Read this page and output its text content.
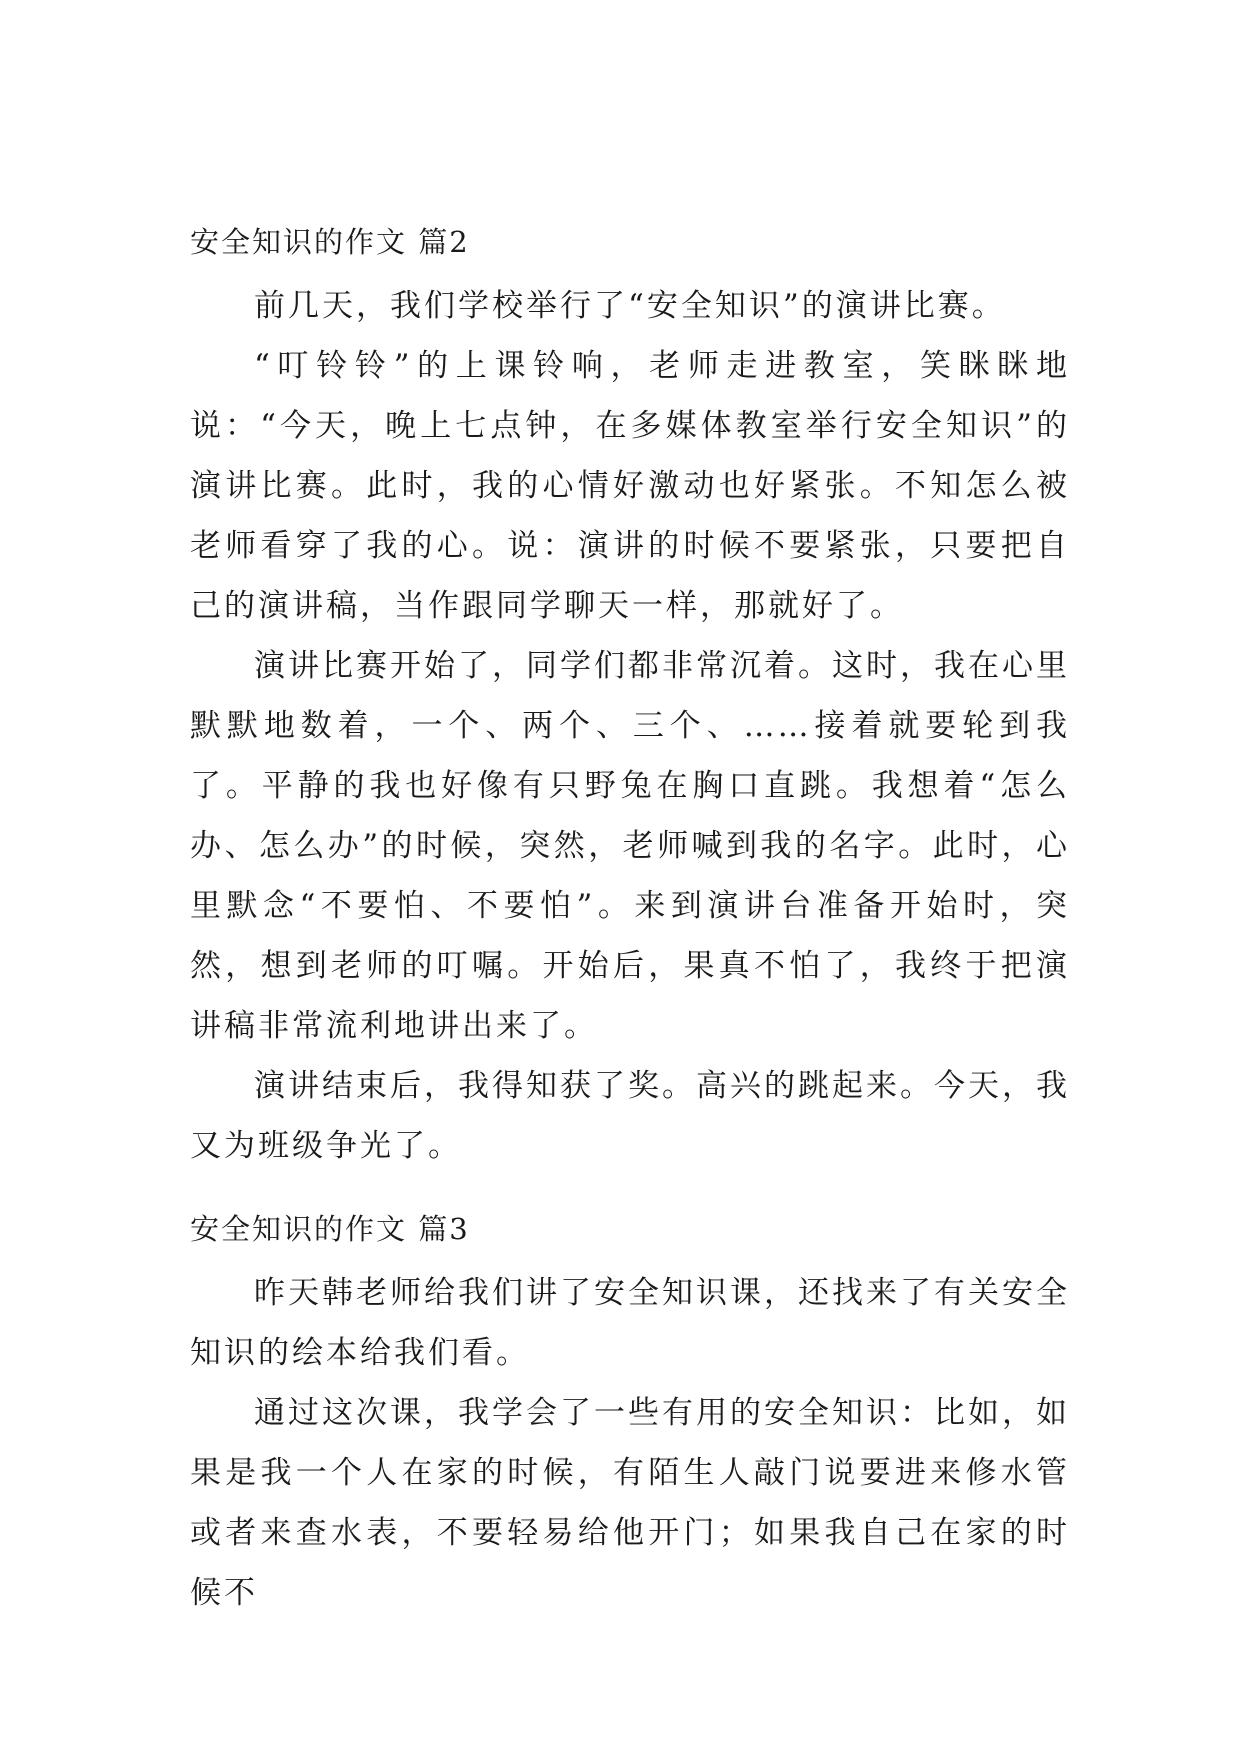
安全知识的作文 篇2

前几天，我们学校举行了“安全知识”的演讲比赛。

“叮铃铃”的上课铃响，老师走进教室，笑眯眯地说：“今天，晚上七点钟，在多媒体教室举行安全知识”的演讲比赛。此时，我的心情好激动也好紧张。不知怎么被老师看穿了我的心。说：演讲的时候不要紧张，只要把自己的演讲稿，当作跟同学聊天一样，那就好了。

演讲比赛开始了，同学们都非常沉着。这时，我在心里默默地数着，一个、两个、三个、……接着就要轮到我了。平静的我也好像有只野兔在胸口直跳。我想着“怎么办、怎么办”的时候，突然，老师喊到我的名字。此时，心里默念“不要怕、不要怕”。来到演讲台准备开始时，突然，想到老师的叮嘱。开始后，果真不怕了，我终于把演讲稿非常流利地讲出来了。

演讲结束后，我得知获了奖。高兴的跳起来。今天，我又为班级争光了。

安全知识的作文 篇3

昨天韩老师给我们讲了安全知识课，还找来了有关安全知识的绘本给我们看。

通过这次课，我学会了一些有用的安全知识：比如，如果是我一个人在家的时候，有陌生人敲门说要进来修水管或者来查水表，不要轻易给他开门；如果我自己在家的时候不
